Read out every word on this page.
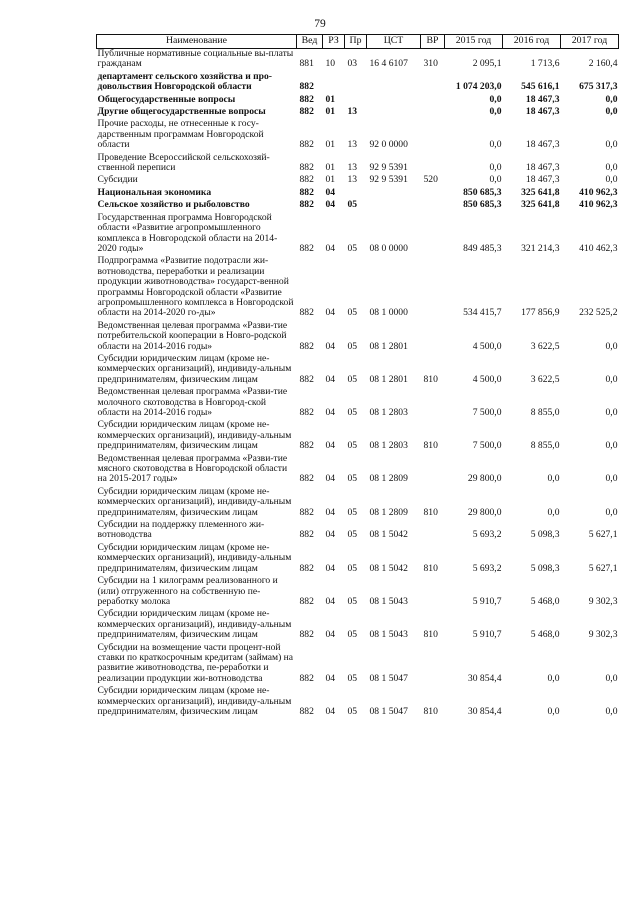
79
Наименование	Вед	РЗ	Пр	ЦСТ	ВР	2015 год	2016 год	2017 год
Публичные нормативные социальные вы-платы гражданам	881	10	03	16 4 6107	310	2 095,1	1 713,6	2 160,4
департамент сельского хозяйства и про-довольствия Новгородской области	882					1 074 203,0	545 616,1	675 317,3
Общегосударственные вопросы	882	01				0,0	18 467,3	0,0
Другие общегосударственные вопросы	882	01	13			0,0	18 467,3	0,0
Прочие расходы, не отнесенные к госу-дарственным программам Новгородской области	882	01	13	92 0 0000		0,0	18 467,3	0,0
Проведение Всероссийской сельскохозяй-ственной переписи	882	01	13	92 9 5391		0,0	18 467,3	0,0
Субсидии	882	01	13	92 9 5391	520	0,0	18 467,3	0,0
Национальная экономика	882	04				850 685,3	325 641,8	410 962,3
Сельское хозяйство и рыболовство	882	04	05			850 685,3	325 641,8	410 962,3
Государственная программа Новгородской области «Развитие агропромышленного комплекса в Новгородской области на 2014-2020 годы»	882	04	05	08 0 0000		849 485,3	321 214,3	410 462,3
Подпрограмма «Развитие подотрасли жи-вотноводства, переработки и реализации продукции животноводства» государст-венной программы Новгородской области «Развитие агропромышленного комплекса в Новгородской области на 2014-2020 го-ды»	882	04	05	08 1 0000		534 415,7	177 856,9	232 525,2
Ведомственная целевая программа «Разви-тие потребительской кооперации в Новго-родской области на 2014-2016 годы»	882	04	05	08 1 2801		4 500,0	3 622,5	0,0
Субсидии юридическим лицам (кроме не-коммерческих организаций), индивиду-альным предпринимателям, физическим лицам	882	04	05	08 1 2801	810	4 500,0	3 622,5	0,0
Ведомственная целевая программа «Разви-тие молочного скотоводства в Новгород-ской области на 2014-2016 годы»	882	04	05	08 1 2803		7 500,0	8 855,0	0,0
Субсидии юридическим лицам (кроме не-коммерческих организаций), индивиду-альным предпринимателям, физическим лицам	882	04	05	08 1 2803	810	7 500,0	8 855,0	0,0
Ведомственная целевая программа «Разви-тие мясного скотоводства в Новгородской области на 2015-2017 годы»	882	04	05	08 1 2809		29 800,0	0,0	0,0
Субсидии юридическим лицам (кроме не-коммерческих организаций), индивиду-альным предпринимателям, физическим лицам	882	04	05	08 1 2809	810	29 800,0	0,0	0,0
Субсидии на поддержку племенного жи-вотноводства	882	04	05	08 1 5042		5 693,2	5 098,3	5 627,1
Субсидии юридическим лицам (кроме не-коммерческих организаций), индивиду-альным предпринимателям, физическим лицам	882	04	05	08 1 5042	810	5 693,2	5 098,3	5 627,1
Субсидии на 1 килограмм реализованного и (или) отгруженного на собственную пе-реработку молока	882	04	05	08 1 5043		5 910,7	5 468,0	9 302,3
Субсидии юридическим лицам (кроме не-коммерческих организаций), индивиду-альным предпринимателям, физическим лицам	882	04	05	08 1 5043	810	5 910,7	5 468,0	9 302,3
Субсидии на возмещение части процент-ной ставки по краткосрочным кредитам (займам) на развитие животноводства, пе-реработки и реализации продукции жи-вотноводства	882	04	05	08 1 5047		30 854,4	0,0	0,0
Субсидии юридическим лицам (кроме не-коммерческих организаций), индивиду-альным предпринимателям, физическим лицам	882	04	05	08 1 5047	810	30 854,4	0,0	0,0
